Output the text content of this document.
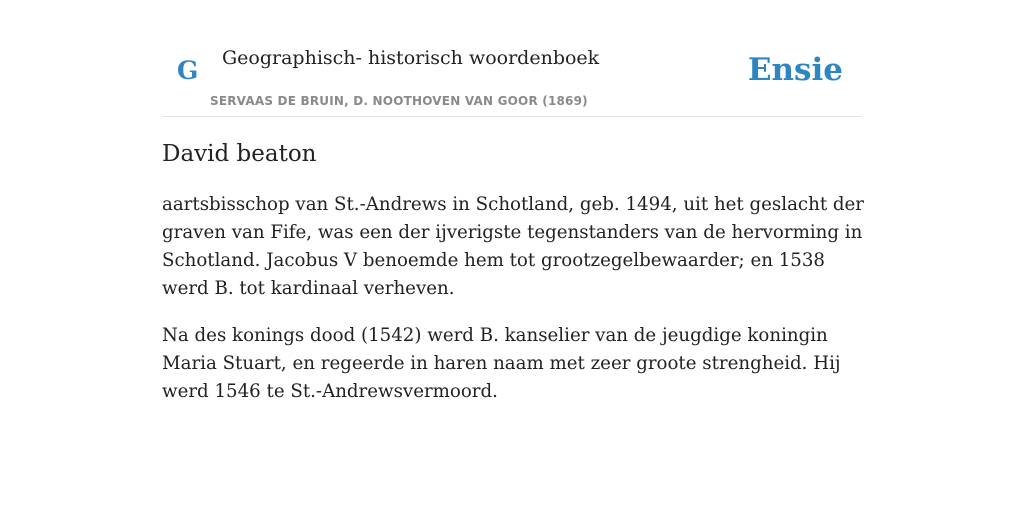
G Geographisch- historisch woordenboek
SERVAAS DE BRUIN, D. NOOTHOVEN VAN GOOR (1869)
Ensie
David beaton

aartsbisschop van St.-Andrews in Schotland, geb. 1494, uit het geslacht der graven van Fife, was een der ijverigste tegenstanders van de hervorming in Schotland. Jacobus V benoemde hem tot grootzegelbewaarder; en 1538 werd B. tot kardinaal verheven.

Na des konings dood (1542) werd B. kanselier van de jeugdige koningin Maria Stuart, en regeerde in haren naam met zeer groote strengheid. Hij werd 1546 te St.-Andrewsvermoord.
